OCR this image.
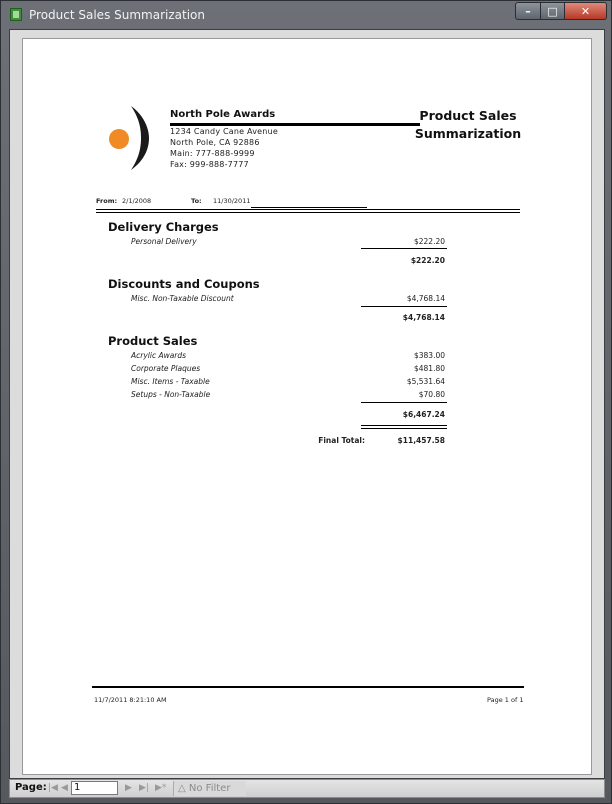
Product Sales Summarization	– □ ✕
North Pole Awards
1234 Candy Cane Avenue
North Pole, CA 92886
Main: 777-888-9999
Fax: 999-888-7777
Product Sales
Summarization
From: 2/1/2008	To: 11/30/2011
Delivery Charges
Personal Delivery	$222.20
$222.20
Discounts and Coupons
Misc. Non-Taxable Discount	$4,768.14
$4,768.14
Product Sales
Acrylic Awards	$383.00
Corporate Plaques	$481.80
Misc. Items - Taxable	$5,531.64
Setups - Non-Taxable	$70.80
$6,467.24
Final Total:	$11,457.58
11/7/2011 8:21:10 AM	Page 1 of 1
Page: |◀ ◀ 1	▶ ▶| ▶*	△ No Filter
